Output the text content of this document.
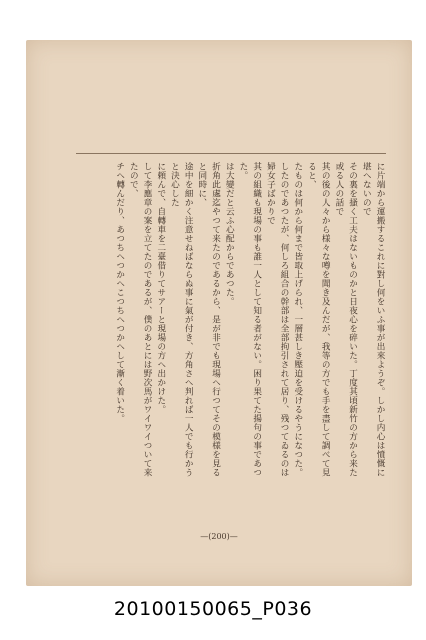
に片端から運搬するこれに對し何をいふ事が出來ようぞ。しかし内心は憤慨に堪へないので

その裏を搔く工夫はないものかと日夜心を碎いた。丁度其頃新竹の方から来た或る人の話で

其の後の人々から様々な噂を聞き及んだが、我等の方でも手を盡して調べて見ると、

たものは何から何まで皆取上げられ、一層甚しき壓迫を受けるやうになつた。

したのであつたが、何しろ組合の幹部は全部拘引されて居り、残つてゐるのは婦女子ばかりで

其の組織も現場の事も誰一人として知る者がない。困り果てた揚句の事であつた。

は大變だと云ふ心配からであつた。

折角此處迄やつて来たのであるから、是が非でも現場へ行つてその模様を見ると同時に、

途中を細かく注意せねばならぬ事に氣が付き、方角さへ判れば一人でも行かうと決心した

に頼んで、自轉車を二臺借りてサアーと現場の方へ出かけた。

して李應章の案を立てたのであるが、僕のあとには野次馬がワイワイついて来たので、

チへ轉んだり、あつちへつかへこつちへつかへして漸く着いた。

—(200)—
20100150065_P036
